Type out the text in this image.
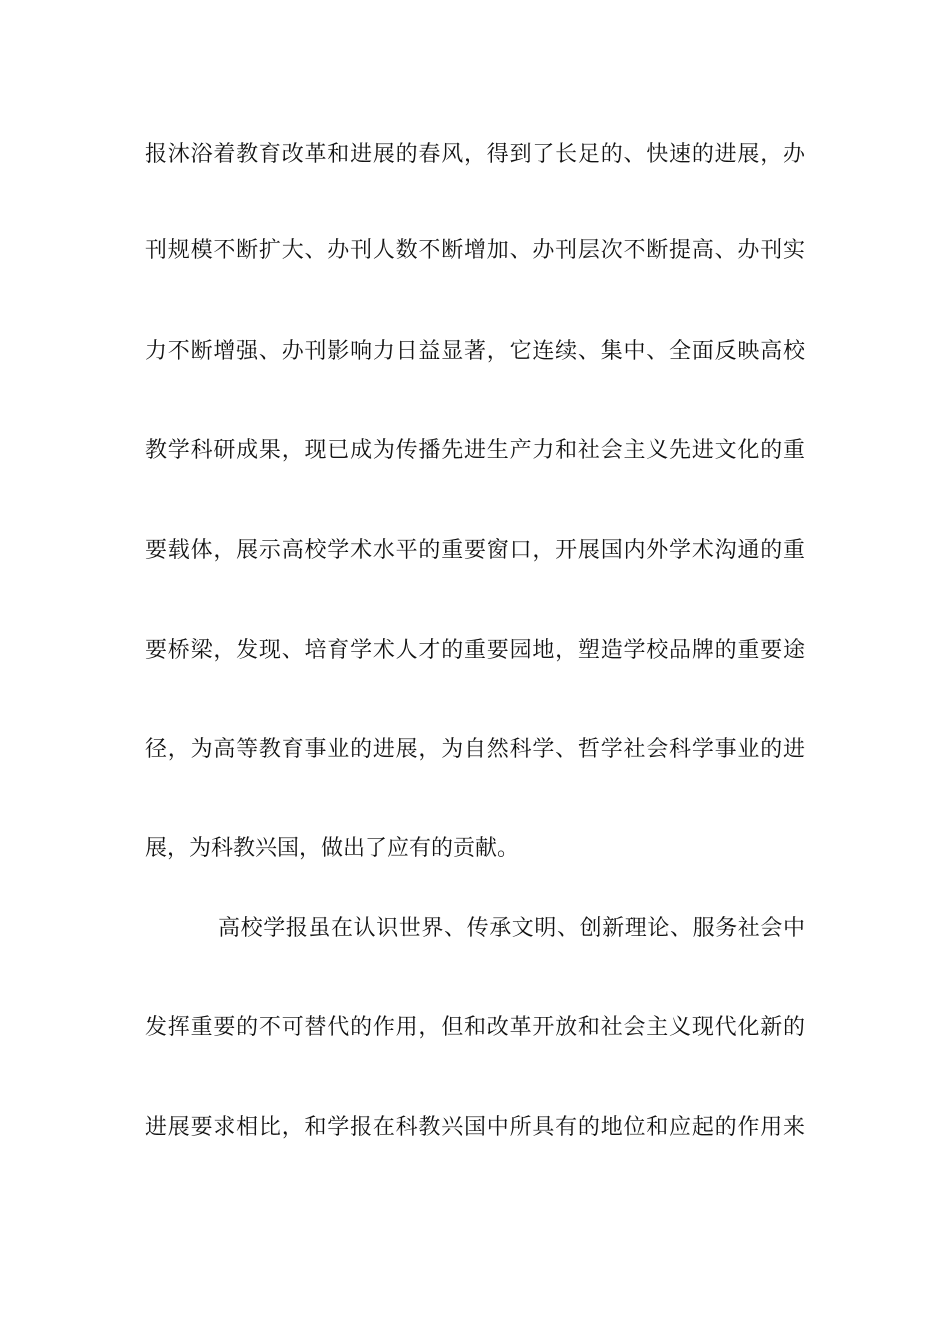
报沐浴着教育改革和进展的春风，得到了长足的、快速的进展，办
刊规模不断扩大、办刊人数不断增加、办刊层次不断提高、办刊实
力不断增强、办刊影响力日益显著，它连续、集中、全面反映高校
教学科研成果，现已成为传播先进生产力和社会主义先进文化的重
要载体，展示高校学术水平的重要窗口，开展国内外学术沟通的重
要桥梁，发现、培育学术人才的重要园地，塑造学校品牌的重要途
径，为高等教育事业的进展，为自然科学、哲学社会科学事业的进
展，为科教兴国，做出了应有的贡献。
高校学报虽在认识世界、传承文明、创新理论、服务社会中
发挥重要的不可替代的作用，但和改革开放和社会主义现代化新的
进展要求相比，和学报在科教兴国中所具有的地位和应起的作用来
